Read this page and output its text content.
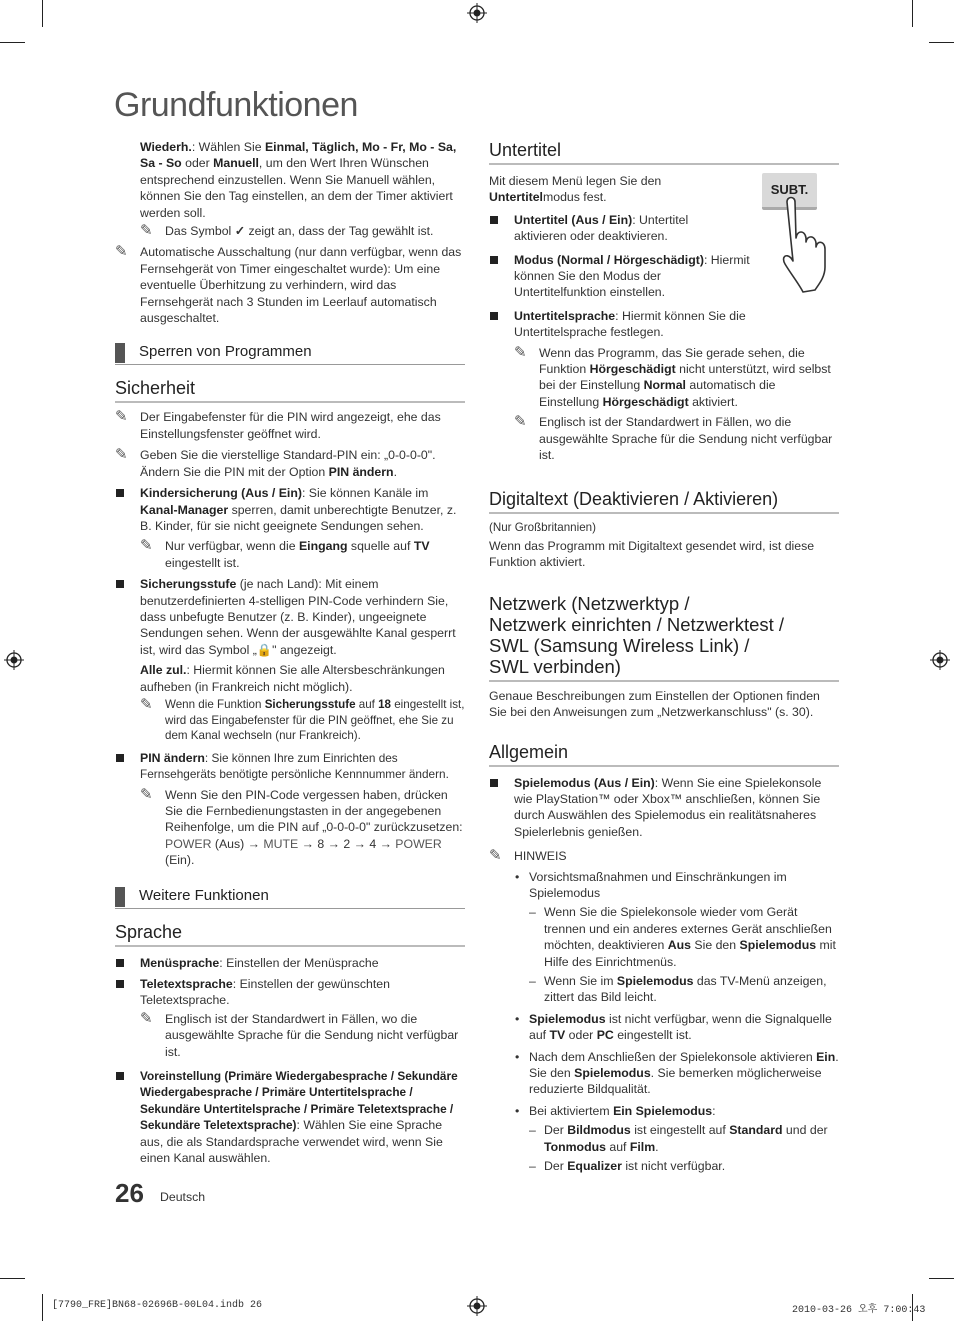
Grundfunktionen

Wiederh.: Wählen Sie Einmal, Täglich, Mo - Fr, Mo - Sa, Sa - So oder Manuell, um den Wert Ihren Wünschen entsprechend einzustellen. Wenn Sie Manuell wählen, können Sie den Tag einstellen, an dem der Timer aktiviert werden soll.

✎ Das Symbol ✓ zeigt an, dass der Tag gewählt ist.
✎ Automatische Ausschaltung (nur dann verfügbar, wenn das Fernsehgerät von Timer eingeschaltet wurde): Um eine eventuelle Überhitzung zu verhindern, wird das Fernsehgerät nach 3 Stunden im Leerlauf automatisch ausgeschaltet.
Sperren von Programmen
Sicherheit
✎ Der Eingabefenster für die PIN wird angezeigt, ehe das Einstellungsfenster geöffnet wird.
✎ Geben Sie die vierstellige Standard-PIN ein: „0-0-0-0". Ändern Sie die PIN mit der Option PIN ändern.
Kindersicherung (Aus / Ein): Sie können Kanäle im Kanal-Manager sperren, damit unberechtigte Benutzer, z. B. Kinder, für sie nicht geeignete Sendungen sehen.
✎ Nur verfügbar, wenn die Eingang squelle auf TV eingestellt ist.
Sicherungsstufe (je nach Land): Mit einem benutzerdefinierten 4-stelligen PIN-Code verhindern Sie, dass unbefugte Benutzer (z. B. Kinder), ungeeignete Sendungen sehen. Wenn der ausgewählte Kanal gesperrt ist, wird das Symbol „🔒" angezeigt.

Alle zul.: Hiermit können Sie alle Altersbeschränkungen aufheben (in Frankreich nicht möglich).

✎ Wenn die Funktion Sicherungsstufe auf 18 eingestellt ist, wird das Eingabefenster für die PIN geöffnet, ehe Sie zu dem Kanal wechseln (nur Frankreich).
PIN ändern: Sie können Ihre zum Einrichten des Fernsehgeräts benötigte persönliche Kennnummer ändern.
✎ Wenn Sie den PIN-Code vergessen haben, drücken Sie die Fernbedienungstasten in der angegebenen Reihenfolge, um die PIN auf „0-0-0-0" zurückzusetzen: POWER (Aus) → MUTE → 8 → 2 → 4 → POWER (Ein).
Weitere Funktionen
Sprache
Menüsprache: Einstellen der Menüsprache
Teletextsprache: Einstellen der gewünschten Teletextsprache.
✎ Englisch ist der Standardwert in Fällen, wo die ausgewählte Sprache für die Sendung nicht verfügbar ist.
Voreinstellung (Primäre Wiedergabesprache / Sekundäre Wiedergabesprache / Primäre Untertitelsprache / Sekundäre Untertitelsprache / Primäre Teletextsprache / Sekundäre Teletextsprache): Wählen Sie eine Sprache aus, die als Standardsprache verwendet wird, wenn Sie einen Kanal auswählen.
Untertitel

Mit diesem Menü legen Sie den Untertitelmodus fest.

SUBT.
Untertitel (Aus / Ein): Untertitel aktivieren oder deaktivieren.
Modus (Normal / Hörgeschädigt): Hiermit können Sie den Modus der Untertitelfunktion einstellen.
Untertitelsprache: Hiermit können Sie die Untertitelsprache festlegen.
✎ Wenn das Programm, das Sie gerade sehen, die Funktion Hörgeschädigt nicht unterstützt, wird selbst bei der Einstellung Normal automatisch die Einstellung Hörgeschädigt aktiviert.
✎ Englisch ist der Standardwert in Fällen, wo die ausgewählte Sprache für die Sendung nicht verfügbar ist.
Digitaltext (Deaktivieren / Aktivieren)

(Nur Großbritannien)

Wenn das Programm mit Digitaltext gesendet wird, ist diese Funktion aktiviert.

Netzwerk (Netzwerktyp /
Netzwerk einrichten / Netzwerktest /
SWL (Samsung Wireless Link) /
SWL verbinden)

Genaue Beschreibungen zum Einstellen der Optionen finden Sie bei den Anweisungen zum „Netzwerkanschluss" (s. 30).

Allgemein
Spielemodus (Aus / Ein): Wenn Sie eine Spielekonsole wie PlayStation™ oder Xbox™ anschließen, können Sie durch Auswählen des Spielemodus ein realitätsnaheres Spielerlebnis genießen.
✎ HINWEIS
• Vorsichtsmaßnahmen und Einschränkungen im Spielemodus
– Wenn Sie die Spielekonsole wieder vom Gerät trennen und ein anderes externes Gerät anschließen möchten, deaktivieren Aus Sie den Spielemodus mit Hilfe des Einrichtmenüs.
– Wenn Sie im Spielemodus das TV-Menü anzeigen, zittert das Bild leicht.
• Spielemodus ist nicht verfügbar, wenn die Signalquelle auf TV oder PC eingestellt ist.
• Nach dem Anschließen der Spielekonsole aktivieren Ein. Sie den Spielemodus. Sie bemerken möglicherweise reduzierte Bildqualität.
• Bei aktiviertem Ein Spielemodus:
– Der Bildmodus ist eingestellt auf Standard und der Tonmodus auf Film.
– Der Equalizer ist nicht verfügbar.
26 Deutsch
[7790_FRE]BN68-02696B-00L04.indb 26	2010-03-26 오후 7:00:43
